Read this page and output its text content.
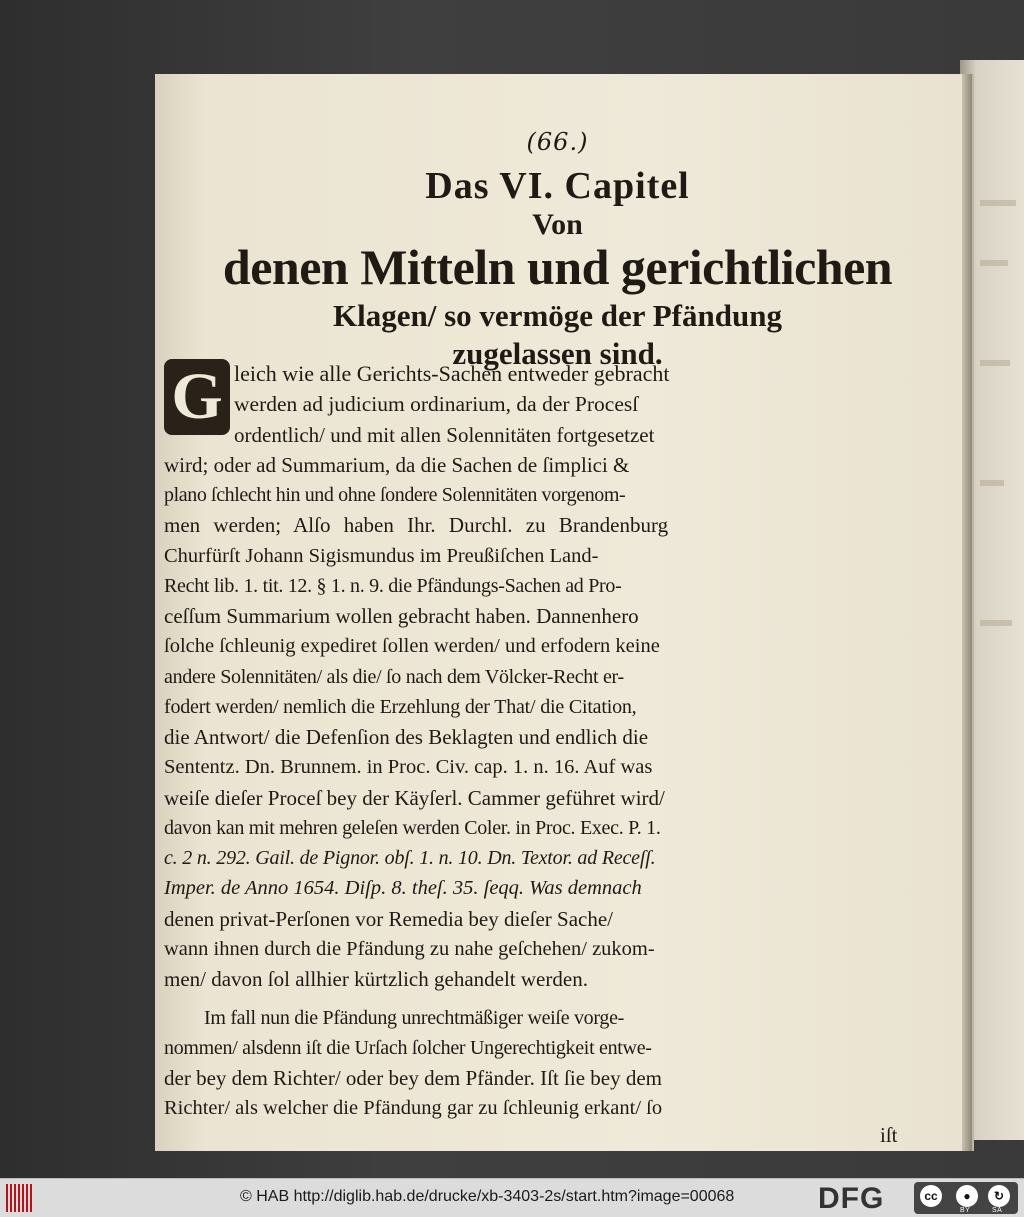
(66.)
Das VI. Capitel
Von
denen Mitteln und gerichtlichen
Klagen/ so vermöge der Pfändung
zugelassen sind.
G leich wie alle Gerichts-Sachen entweder gebracht
werden ad judicium ordinarium, da der Procesſ
ordentlich/ und mit allen Solennitäten fortgesetzet
wird; oder ad Summarium, da die Sachen de ſimplici &
plano ſchlecht hin und ohne ſondere Solennitäten vorgenom-
men werden; Alſo haben Ihr. Durchl. zu Brandenburg
Churfürſt Johann Sigismundus im Preußiſchen Land-
Recht lib. 1. tit. 12. § 1. n. 9. die Pfändungs-Sachen ad Pro-
ceſſum Summarium wollen gebracht haben. Dannenhero
ſolche ſchleunig expediret ſollen werden/ und erfodern keine
andere Solennitäten/ als die/ ſo nach dem Völcker-Recht er-
fodert werden/ nemlich die Erzehlung der That/ die Citation,
die Antwort/ die Defenſion des Beklagten und endlich die
Sententz. Dn. Brunnem. in Proc. Civ. cap. 1. n. 16. Auf was
weiſe dieſer Proceſ bey der Käyſerl. Cammer geführet wird/
davon kan mit mehren geleſen werden Coler. in Proc. Exec. P. 1.
c. 2 n. 292. Gail. de Pignor. obſ. 1. n. 10. Dn. Textor. ad Receſſ.
Imper. de Anno 1654. Diſp. 8. theſ. 35. ſeqq. Was demnach
denen privat-Perſonen vor Remedia bey dieſer Sache/
wann ihnen durch die Pfändung zu nahe geſchehen/ zukom-
men/ davon ſol allhier kürtzlich gehandelt werden.
Im fall nun die Pfändung unrechtmäßiger weiſe vorge-
nommen/ alsdenn iſt die Urſach ſolcher Ungerechtigkeit entwe-
der bey dem Richter/ oder bey dem Pfänder. Iſt ſie bey dem
Richter/ als welcher die Pfändung gar zu ſchleunig erkant/ ſo
iſt
© HAB http://diglib.hab.de/drucke/xb-3403-2s/start.htm?image=00068	DFG	cc	●	↻
BY	SA
